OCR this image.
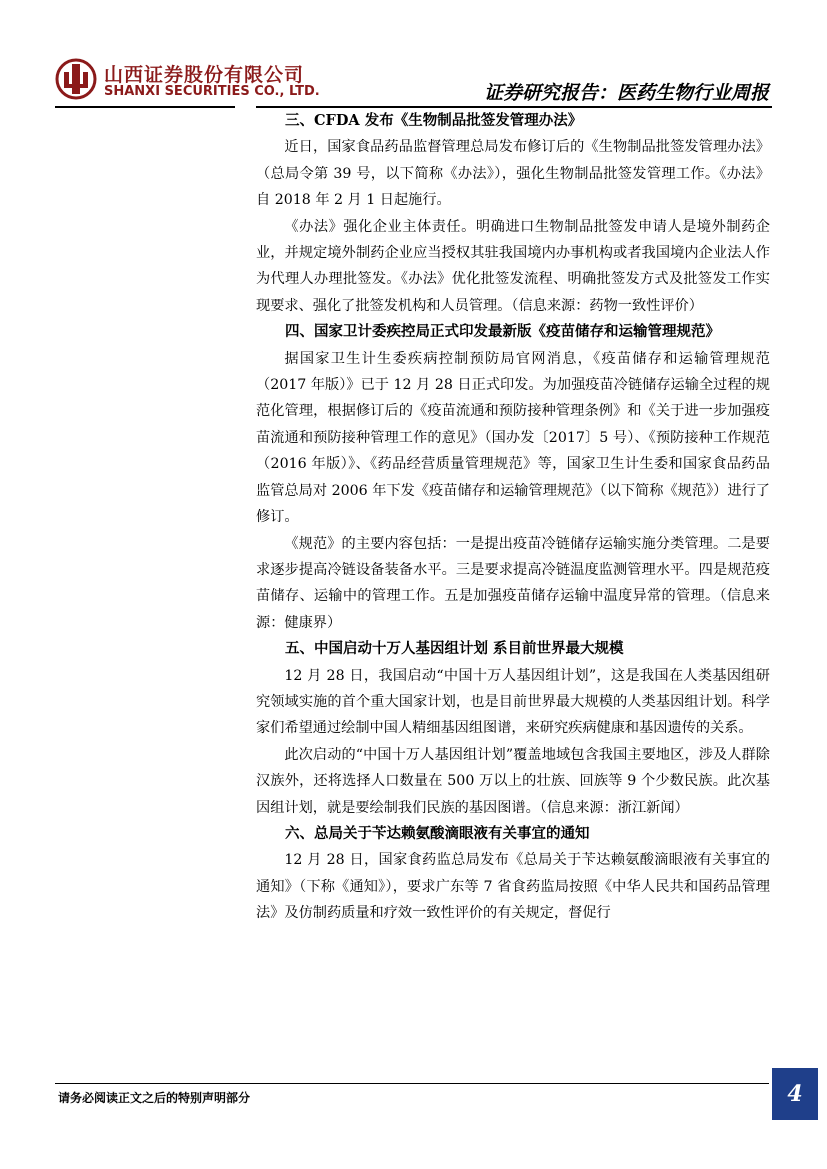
山西证券股份有限公司
SHANXI SECURITIES CO., LTD.	证券研究报告：医药生物行业周报
三、CFDA 发布《生物制品批签发管理办法》

近日，国家食品药品监督管理总局发布修订后的《生物制品批签发管理办法》（总局令第 39 号，以下简称《办法》），强化生物制品批签发管理工作。《办法》自 2018 年 2 月 1 日起施行。

《办法》强化企业主体责任。明确进口生物制品批签发申请人是境外制药企业，并规定境外制药企业应当授权其驻我国境内办事机构或者我国境内企业法人作为代理人办理批签发。《办法》优化批签发流程、明确批签发方式及批签发工作实现要求、强化了批签发机构和人员管理。（信息来源：药物一致性评价）

四、国家卫计委疾控局正式印发最新版《疫苗储存和运输管理规范》

据国家卫生计生委疾病控制预防局官网消息，《疫苗储存和运输管理规范（2017 年版）》已于 12 月 28 日正式印发。为加强疫苗冷链储存运输全过程的规范化管理，根据修订后的《疫苗流通和预防接种管理条例》和《关于进一步加强疫苗流通和预防接种管理工作的意见》（国办发〔2017〕5 号）、《预防接种工作规范（2016 年版）》、《药品经营质量管理规范》等，国家卫生计生委和国家食品药品监管总局对 2006 年下发《疫苗储存和运输管理规范》（以下简称《规范》）进行了修订。

《规范》的主要内容包括：一是提出疫苗冷链储存运输实施分类管理。二是要求逐步提高冷链设备装备水平。三是要求提高冷链温度监测管理水平。四是规范疫苗储存、运输中的管理工作。五是加强疫苗储存运输中温度异常的管理。（信息来源：健康界）

五、中国启动十万人基因组计划 系目前世界最大规模

12 月 28 日，我国启动“中国十万人基因组计划”，这是我国在人类基因组研究领域实施的首个重大国家计划，也是目前世界最大规模的人类基因组计划。科学家们希望通过绘制中国人精细基因组图谱，来研究疾病健康和基因遗传的关系。

此次启动的“中国十万人基因组计划”覆盖地域包含我国主要地区，涉及人群除汉族外，还将选择人口数量在 500 万以上的壮族、回族等 9 个少数民族。此次基因组计划，就是要绘制我们民族的基因图谱。（信息来源：浙江新闻）

六、总局关于苄达赖氨酸滴眼液有关事宜的通知

12 月 28 日，国家食药监总局发布《总局关于苄达赖氨酸滴眼液有关事宜的通知》（下称《通知》），要求广东等 7 省食药监局按照《中华人民共和国药品管理法》及仿制药质量和疗效一致性评价的有关规定，督促行

请务必阅读正文之后的特别声明部分	4
